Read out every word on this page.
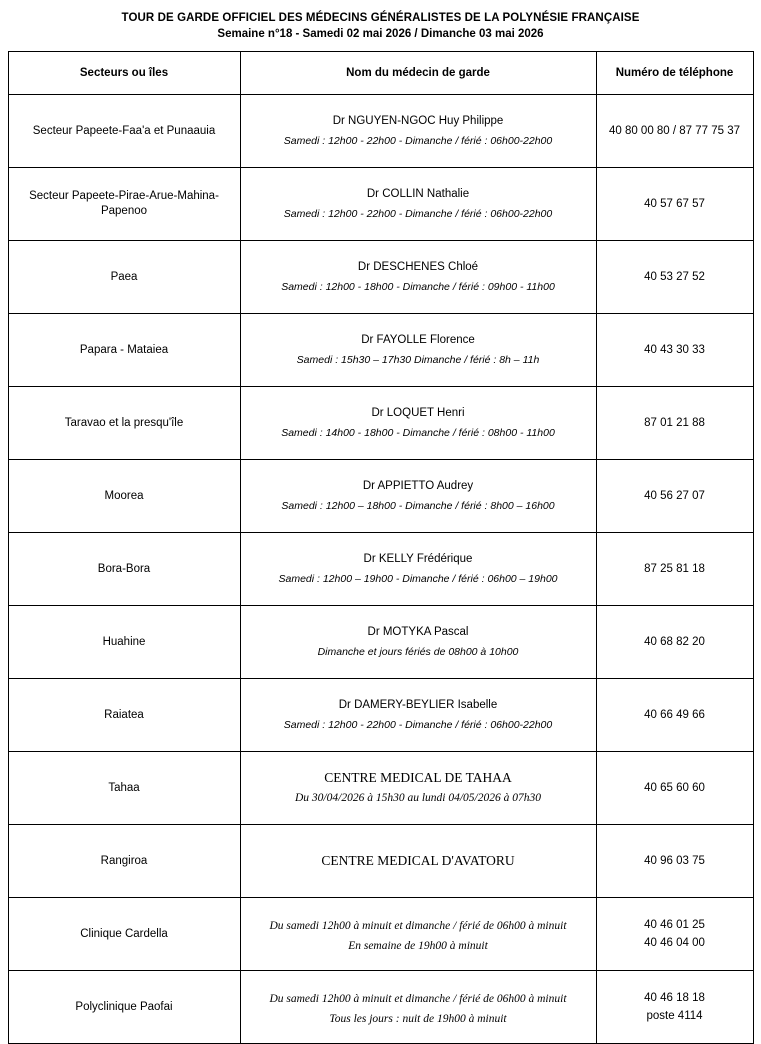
TOUR DE GARDE OFFICIEL DES MÉDECINS GÉNÉRALISTES DE LA POLYNÉSIE FRANÇAISE
Semaine n°18 - Samedi 02 mai 2026 / Dimanche 03 mai 2026
Secteurs ou îles	Nom du médecin de garde	Numéro de téléphone
Secteur Papeete-Faa'a et Punaauia	Dr NGUYEN-NGOC Huy Philippe
Samedi : 12h00 - 22h00 - Dimanche / férié : 06h00-22h00	40 80 00 80 / 87 77 75 37

Secteur Papeete-Pirae-Arue-Mahina-Papenoo	Dr COLLIN Nathalie
Samedi : 12h00 - 22h00 - Dimanche / férié : 06h00-22h00	40 57 67 57

Paea	Dr DESCHENES Chloé
Samedi : 12h00 - 18h00 - Dimanche / férié : 09h00 - 11h00	40 53 27 52

Papara - Mataiea	Dr FAYOLLE Florence
Samedi : 15h30 – 17h30 Dimanche / férié : 8h – 11h	40 43 30 33

Taravao et la presqu'île	Dr LOQUET Henri
Samedi : 14h00 - 18h00 - Dimanche / férié : 08h00 - 11h00	87 01 21 88

Moorea	Dr APPIETTO Audrey
Samedi : 12h00 – 18h00 - Dimanche / férié : 8h00 – 16h00	40 56 27 07

Bora-Bora	Dr KELLY Frédérique
Samedi : 12h00 – 19h00 - Dimanche / férié : 06h00 – 19h00	87 25 81 18

Huahine	Dr MOTYKA Pascal
Dimanche et jours fériés de 08h00 à 10h00	40 68 82 20

Raiatea	Dr DAMERY-BEYLIER Isabelle
Samedi : 12h00 - 22h00 - Dimanche / férié : 06h00-22h00	40 66 49 66

Tahaa	CENTRE MEDICAL DE TAHAA
Du 30/04/2026 à 15h30 au lundi 04/05/2026 à 07h30	40 65 60 60

Rangiroa	CENTRE MEDICAL D'AVATORU	40 96 03 75

Clinique Cardella	Du samedi 12h00 à minuit et dimanche / férié de 06h00 à minuit
En semaine de 19h00 à minuit	40 46 01 25
40 46 04 00

Polyclinique Paofai	Du samedi 12h00 à minuit et dimanche / férié de 06h00 à minuit
Tous les jours : nuit de 19h00 à minuit	40 46 18 18
poste 4114
